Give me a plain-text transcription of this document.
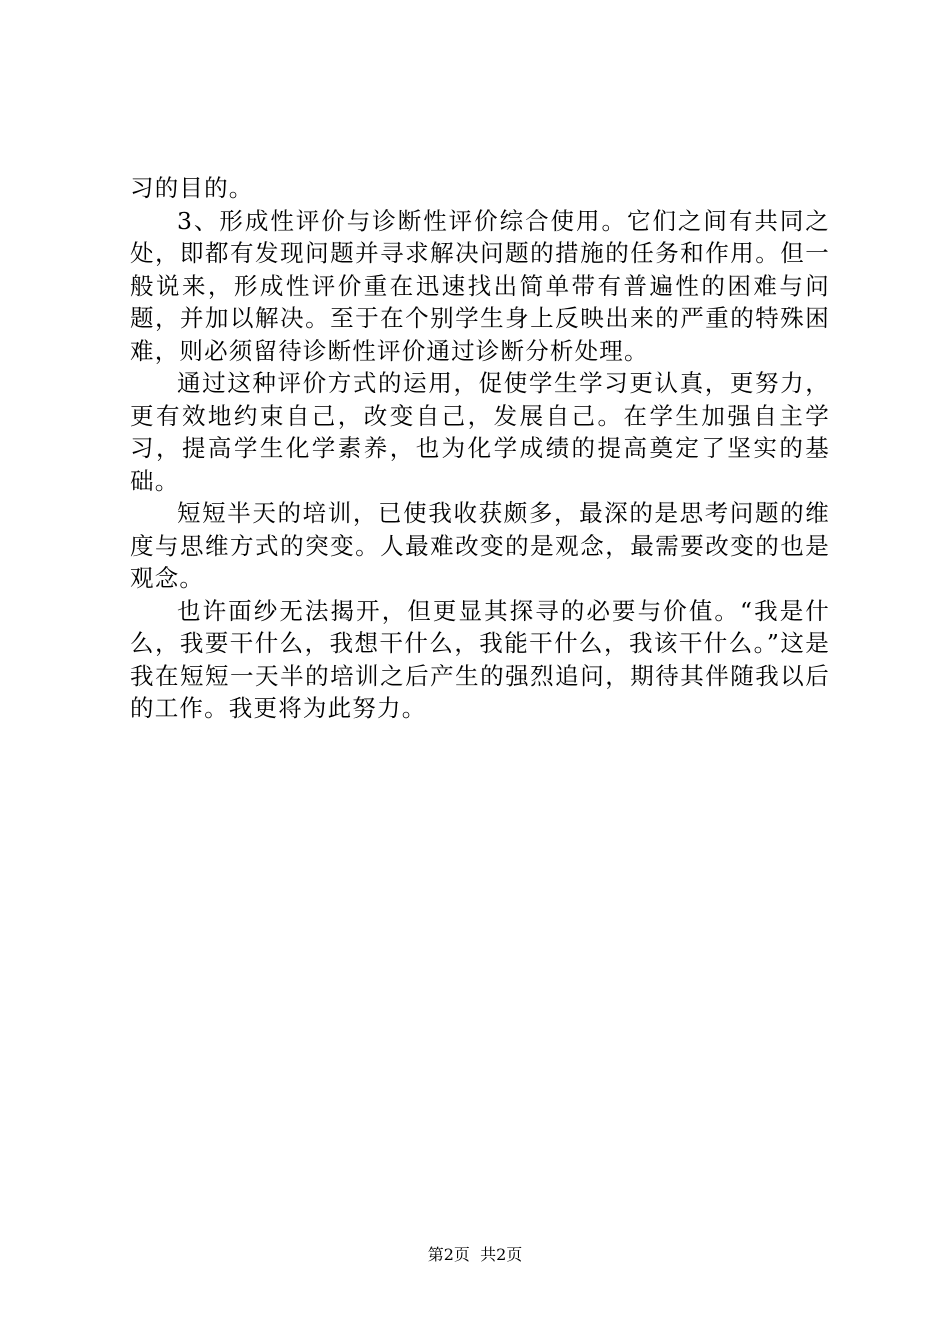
习的目的。

3、形成性评价与诊断性评价综合使用。它们之间有共同之处，即都有发现问题并寻求解决问题的措施的任务和作用。但一般说来，形成性评价重在迅速找出简单带有普遍性的困难与问题，并加以解决。至于在个别学生身上反映出来的严重的特殊困难，则必须留待诊断性评价通过诊断分析处理。

通过这种评价方式的运用，促使学生学习更认真，更努力，更有效地约束自己，改变自己，发展自己。在学生加强自主学习，提高学生化学素养，也为化学成绩的提高奠定了坚实的基础。

短短半天的培训，已使我收获颇多，最深的是思考问题的维度与思维方式的突变。人最难改变的是观念，最需要改变的也是观念。

也许面纱无法揭开，但更显其探寻的必要与价值。“我是什么，我要干什么，我想干什么，我能干什么，我该干什么。”这是我在短短一天半的培训之后产生的强烈追问，期待其伴随我以后的工作。我更将为此努力。

第2页 共2页
